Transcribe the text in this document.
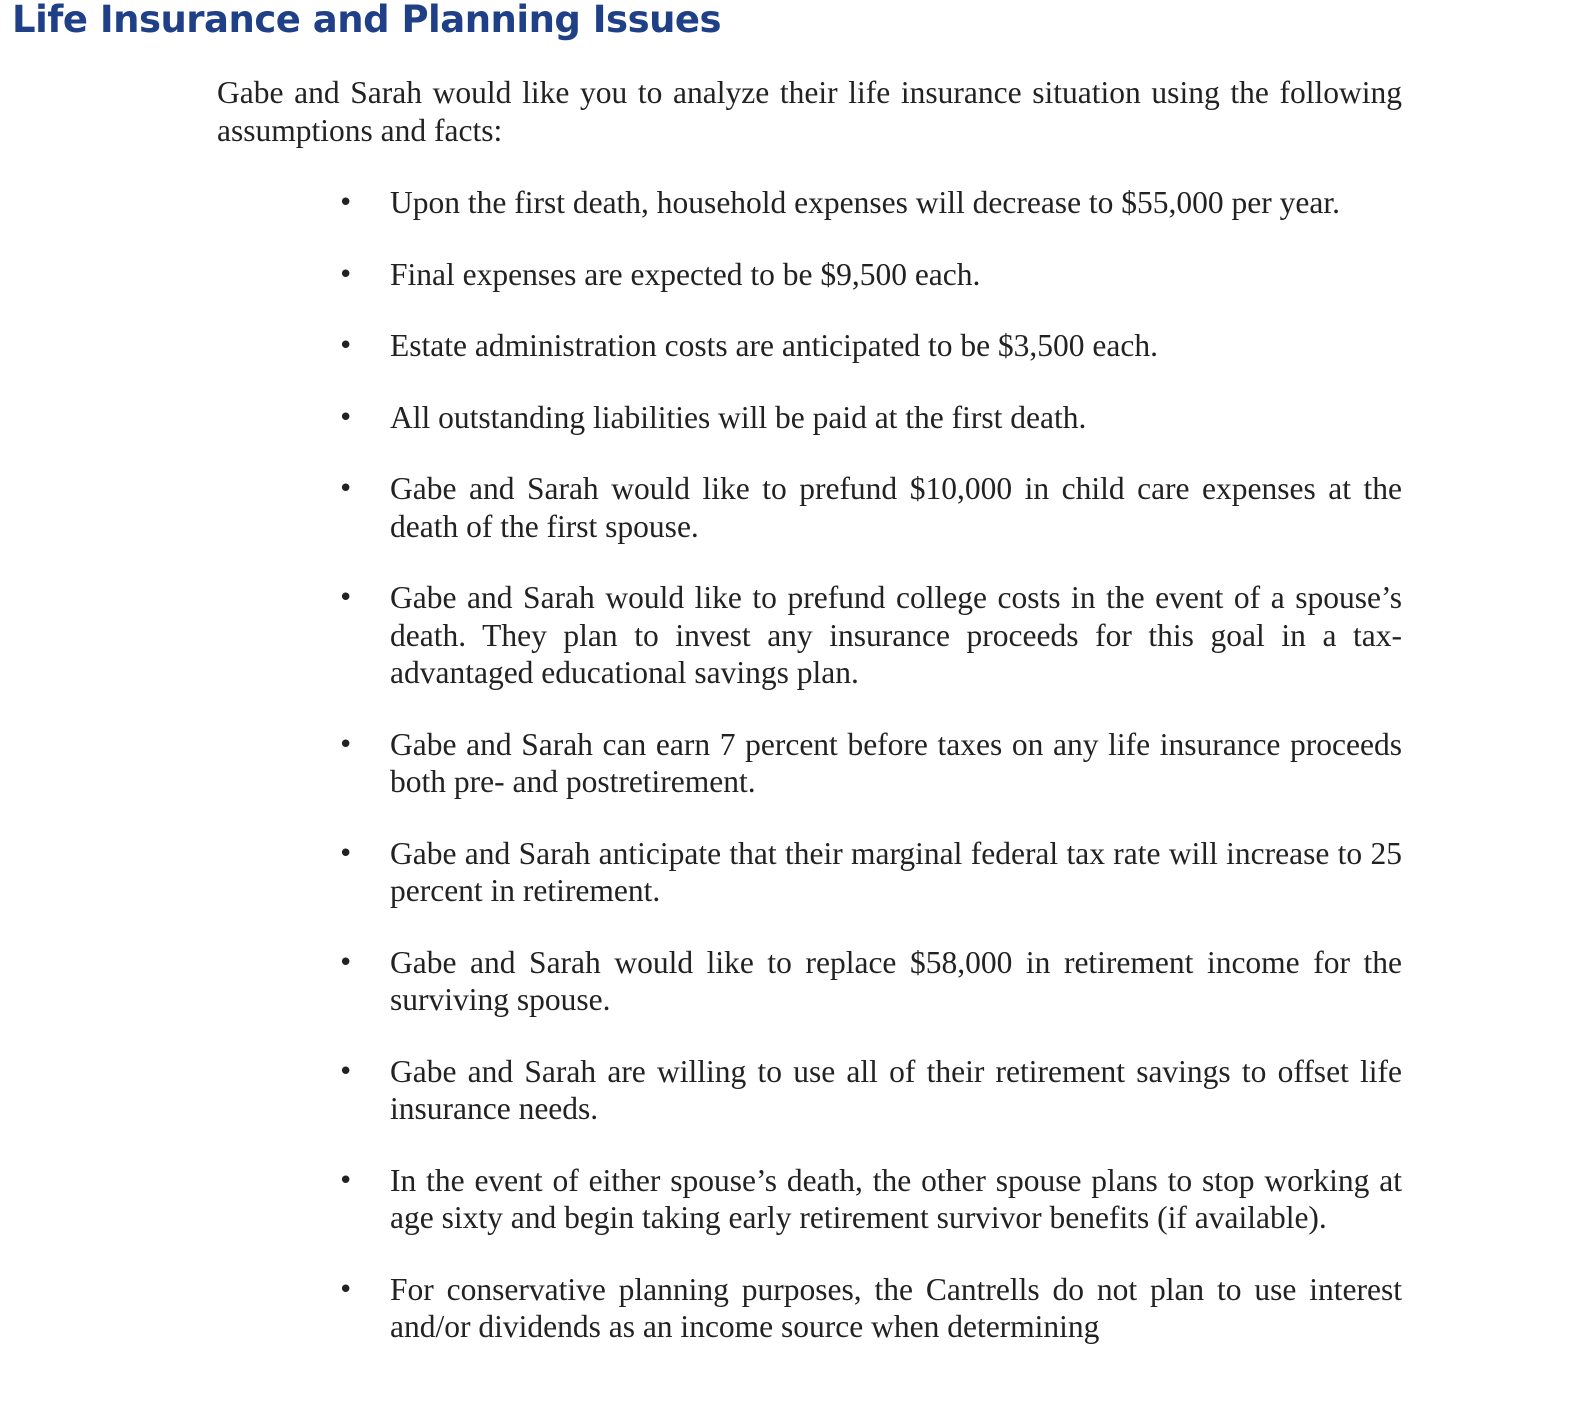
Life Insurance and Planning Issues

Gabe and Sarah would like you to analyze their life insurance situation using the following assumptions and facts:

• Upon the first death, household expenses will decrease to $55,000 per year.
• Final expenses are expected to be $9,500 each.
• Estate administration costs are anticipated to be $3,500 each.
• All outstanding liabilities will be paid at the first death.
• Gabe and Sarah would like to prefund $10,000 in child care expenses at the death of the first spouse.
• Gabe and Sarah would like to prefund college costs in the event of a spouse’s death. They plan to invest any insurance proceeds for this goal in a tax-advantaged educational savings plan.
• Gabe and Sarah can earn 7 percent before taxes on any life insurance proceeds both pre- and postretirement.
• Gabe and Sarah anticipate that their marginal federal tax rate will increase to 25 percent in retirement.
• Gabe and Sarah would like to replace $58,000 in retirement income for the surviving spouse.
• Gabe and Sarah are willing to use all of their retirement savings to offset life insurance needs.
• In the event of either spouse’s death, the other spouse plans to stop working at age sixty and begin taking early retirement survivor benefits (if available).
• For conservative planning purposes, the Cantrells do not plan to use interest and/or dividends as an income source when determining
